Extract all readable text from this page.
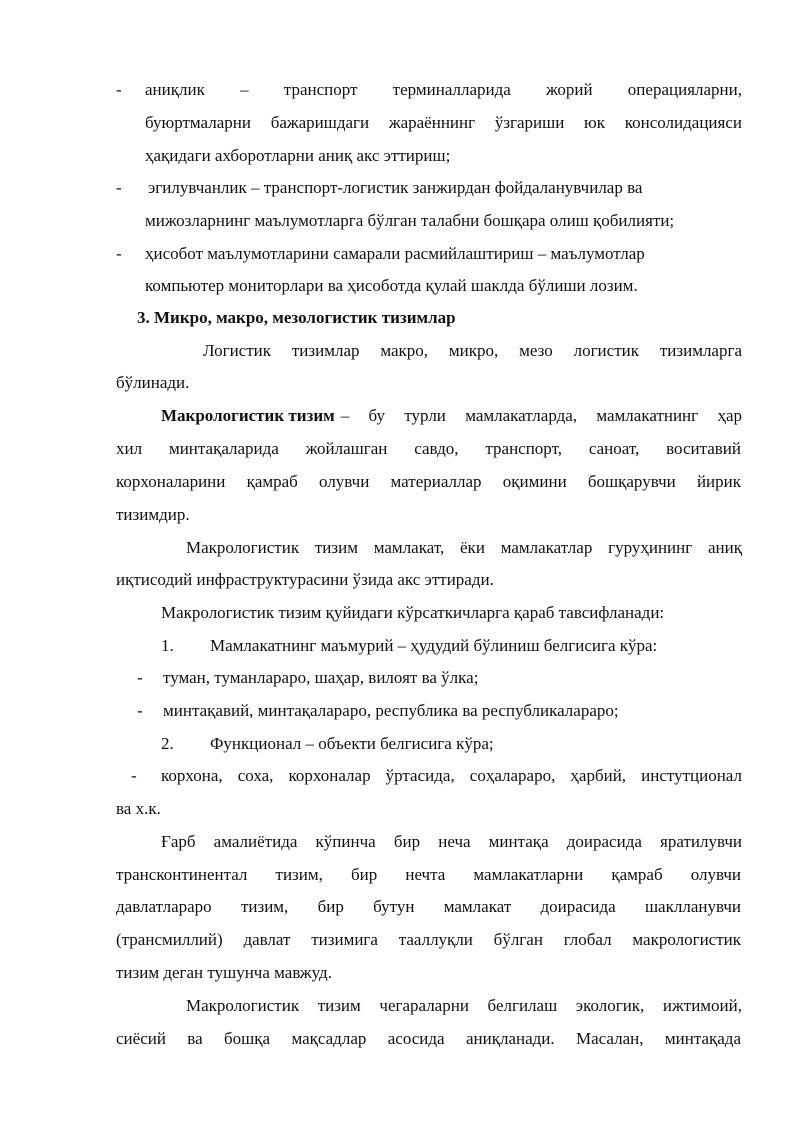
- аниқлик – транспорт терминалларида жорий операцияларни,
буюртмаларни бажаришдаги жараённинг ўзгариши юк консолидацияси
ҳақидаги ахборотларни аниқ акс эттириш;
- эгилувчанлик – транспорт-логистик занжирдан фойдаланувчилар ва
мижозларнинг маълумотларга бўлган талабни бошқара олиш қобилияти;
- ҳисобот маълумотларини самарали расмийлаштириш – маълумотлар
компьютер мониторлари ва ҳисоботда қулай шаклда бўлиши лозим.
3. Микро, макро, мезологистик тизимлар
Логистик тизимлар макро, микро, мезо логистик тизимларга
бўлинади.
Макрологистик тизим – бу турли мамлакатларда, мамлакатнинг ҳар
хил минтақаларида жойлашган савдо, транспорт, саноат, воситавий
корхоналарини қамраб олувчи материаллар оқимини бошқарувчи йирик
тизимдир.
Макрологистик тизим мамлакат, ёки мамлакатлар гуруҳининг аниқ
иқтисодий инфраструктурасини ўзида акс эттиради.
Макрологистик тизим қуйидаги кўрсаткичларга қараб тавсифланади:
1. Мамлакатнинг маъмурий – ҳудудий бўлиниш белгисига кўра:
- туман, туманлараро, шаҳар, вилоят ва ўлка;
- минтақавий, минтақалараро, республика ва республикалараро;
2. Функционал – объекти белгисига кўра;
- корхона, соха, корхоналар ўртасида, соҳалараро, ҳарбий, инстутционал
ва х.к.
Ғарб амалиётида кўпинча бир неча минтақа доирасида яратилувчи
трансконтинентал тизим, бир нечта мамлакатларни қамраб олувчи
давлатлараро тизим, бир бутун мамлакат доирасида шаклланувчи
(трансмиллий) давлат тизимига тааллуқли бўлган глобал макрологистик
тизим деган тушунча мавжуд.
Макрологистик тизим чегараларни белгилаш экологик, ижтимоий,
сиёсий ва бошқа мақсадлар асосида аниқланади. Масалан, минтақада
